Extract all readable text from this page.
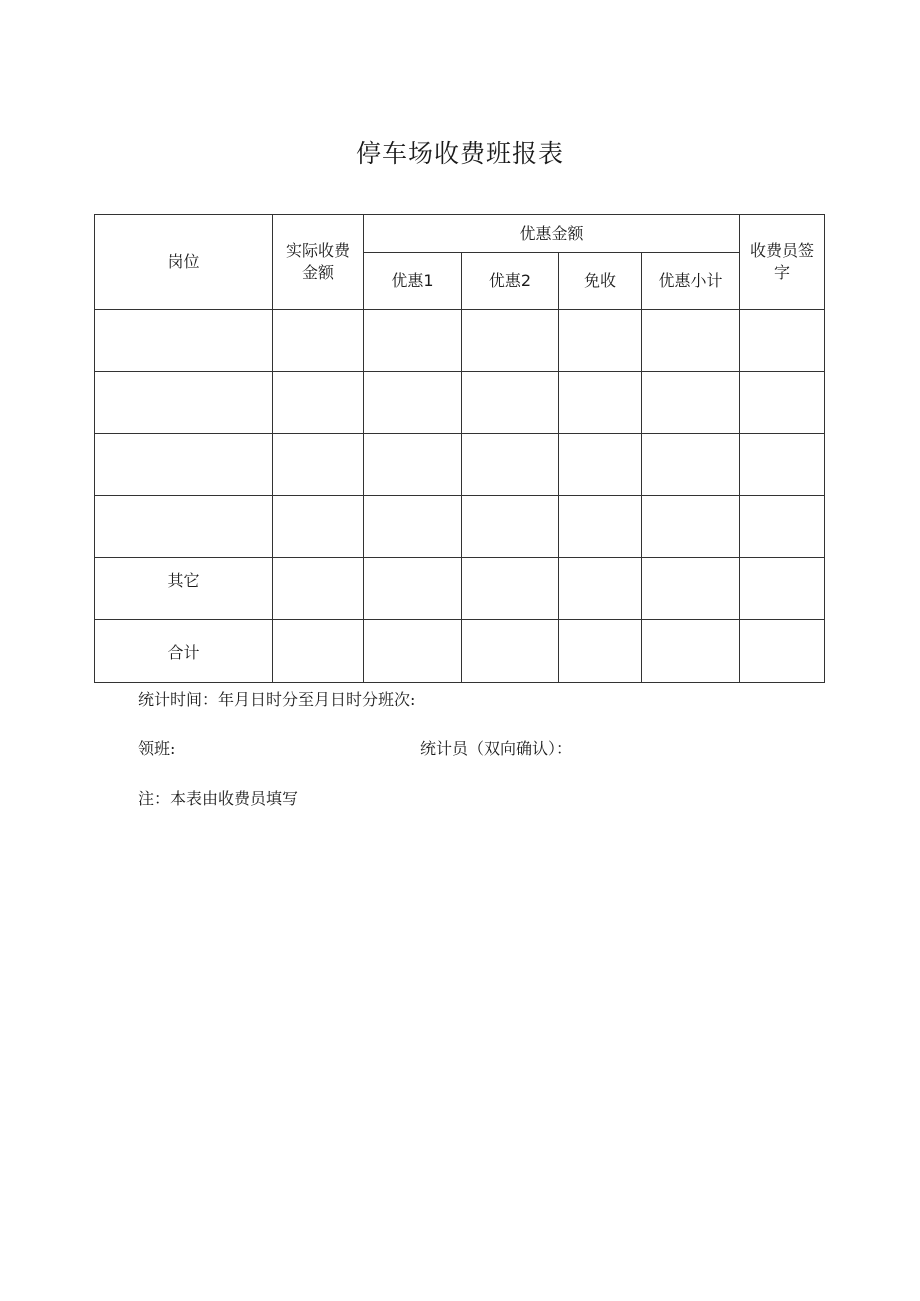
停车场收费班报表
岗位	实际收费金额	优惠金额				收费员签字
		优惠1	优惠2	免收	优惠小计	

其它						
合计						
统计时间：年月日时分至月日时分班次:
领班:	统计员（双向确认）：
注：本表由收费员填写
